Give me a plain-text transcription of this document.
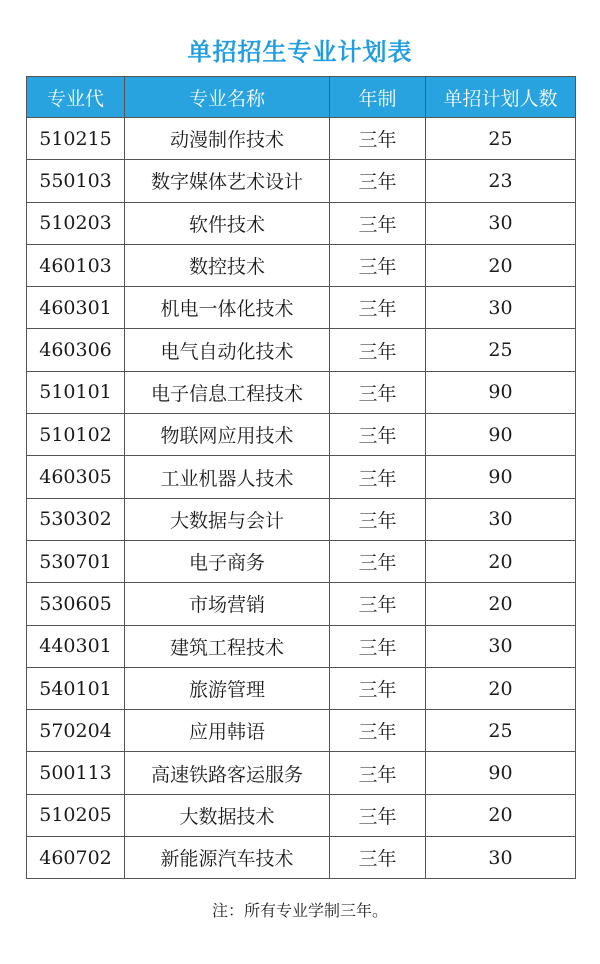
单招招生专业计划表
专业代	专业名称	年制	单招计划人数
510215	动漫制作技术	三年	25
550103	数字媒体艺术设计	三年	23
510203	软件技术	三年	30
460103	数控技术	三年	20
460301	机电一体化技术	三年	30
460306	电气自动化技术	三年	25
510101	电子信息工程技术	三年	90
510102	物联网应用技术	三年	90
460305	工业机器人技术	三年	90
530302	大数据与会计	三年	30
530701	电子商务	三年	20
530605	市场营销	三年	20
440301	建筑工程技术	三年	30
540101	旅游管理	三年	20
570204	应用韩语	三年	25
500113	高速铁路客运服务	三年	90
510205	大数据技术	三年	20
460702	新能源汽车技术	三年	30
注：所有专业学制三年。
